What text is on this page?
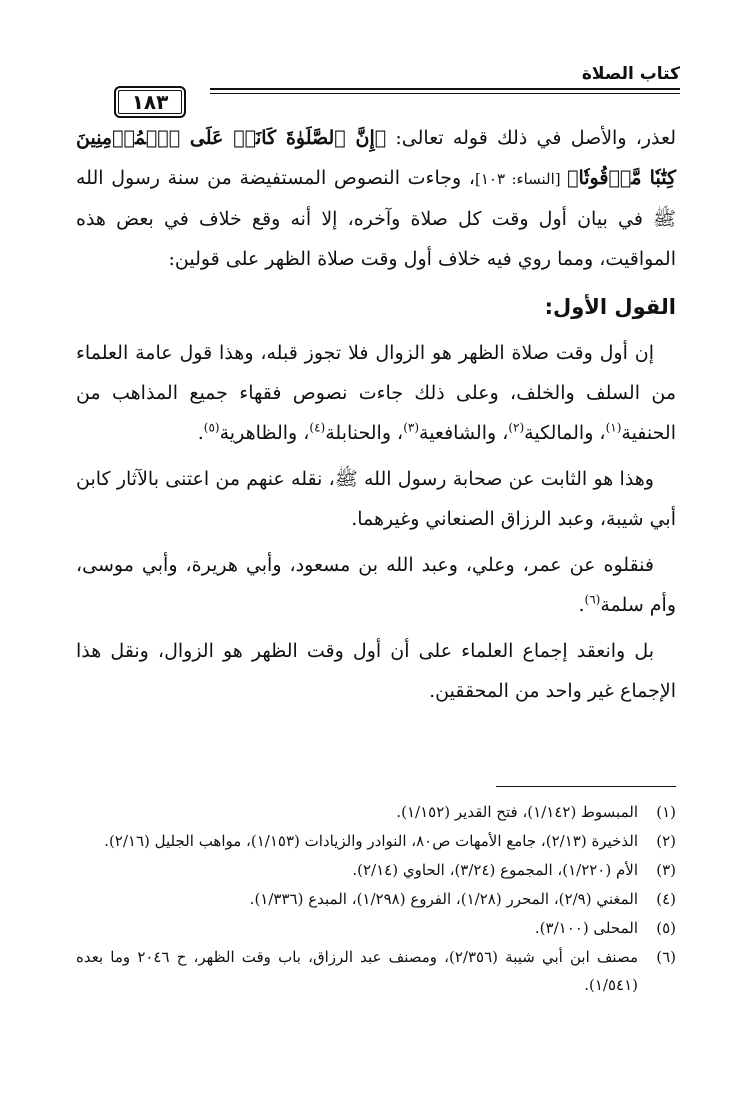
كتاب الصلاة
١٨٣

لعذر، والأصل في ذلك قوله تعالى: ﴿إِنَّ ٱلصَّلَوٰةَ كَانَتۡ عَلَى ٱلۡمُؤۡمِنِينَ كِتَٰبٗا مَّوۡقُوتٗا﴾ [النساء: ١٠٣]، وجاءت النصوص المستفيضة من سنة رسول الله ﷺ في بيان أول وقت كل صلاة وآخره، إلا أنه وقع خلاف في بعض هذه المواقيت، ومما روي فيه خلاف أول وقت صلاة الظهر على قولين:

القول الأول:

إن أول وقت صلاة الظهر هو الزوال فلا تجوز قبله، وهذا قول عامة العلماء من السلف والخلف، وعلى ذلك جاءت نصوص فقهاء جميع المذاهب من الحنفية$^{(١)}$، والمالكية$^{(٢)}$، والشافعية$^{(٣)}$، والحنابلة$^{(٤)}$، والظاهرية$^{(٥)}$.

وهذا هو الثابت عن صحابة رسول الله ﷺ، نقله عنهم من اعتنى بالآثار كابن أبي شيبة، وعبد الرزاق الصنعاني وغيرهما.

فنقلوه عن عمر، وعلي، وعبد الله بن مسعود، وأبي هريرة، وأبي موسى، وأم سلمة$^{(٦)}$.

بل وانعقد إجماع العلماء على أن أول وقت الظهر هو الزوال، ونقل هذا الإجماع غير واحد من المحققين.

(١)
المبسوط (١/١٤٢)، فتح القدير (١/١٥٢).
(٢)
الذخيرة (٢/١٣)، جامع الأمهات ص٨٠، النوادر والزيادات (١/١٥٣)، مواهب الجليل (٢/١٦).
(٣)
الأم (١/٢٢٠)، المجموع (٣/٢٤)، الحاوي (٢/١٤).
(٤)
المغني (٢/٩)، المحرر (١/٢٨)، الفروع (١/٢٩٨)، المبدع (١/٣٣٦).
(٥)
المحلى (٣/١٠٠).
(٦)
مصنف ابن أبي شيبة (٢/٣٥٦)، ومصنف عبد الرزاق، باب وقت الظهر، ح ٢٠٤٦ وما بعده (١/٥٤١).
